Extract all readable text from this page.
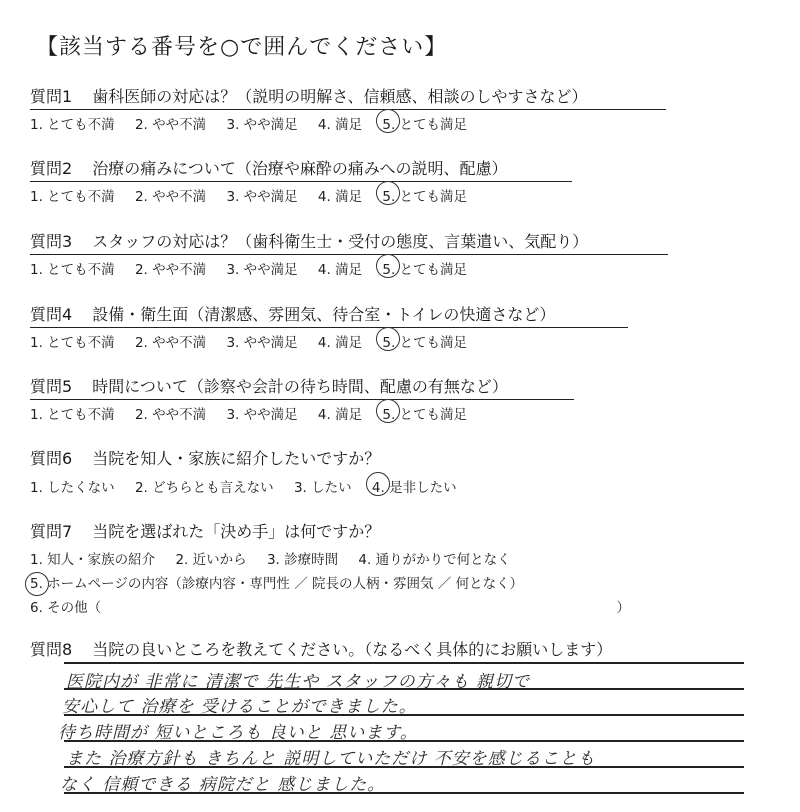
【該当する番号を○で囲んでください】
質問1 歯科医師の対応は？（説明の明解さ、信頼感、相談のしやすさなど）
1. とても不満 2. やや不満 3. やや満足 4. 満足 5. とても満足
質問2 治療の痛みについて（治療や麻酔の痛みへの説明、配慮）
1. とても不満 2. やや不満 3. やや満足 4. 満足 5. とても満足
質問3 スタッフの対応は？（歯科衛生士・受付の態度、言葉遣い、気配り）
1. とても不満 2. やや不満 3. やや満足 4. 満足 5. とても満足
質問4 設備・衛生面（清潔感、雰囲気、待合室・トイレの快適さなど）
1. とても不満 2. やや不満 3. やや満足 4. 満足 5. とても満足
質問5 時間について（診察や会計の待ち時間、配慮の有無など）
1. とても不満 2. やや不満 3. やや満足 4. 満足 5. とても満足
質問6 当院を知人・家族に紹介したいですか？
1. したくない 2. どちらとも言えない 3. したい 4. 是非したい
質問7 当院を選ばれた「決め手」は何ですか？
1. 知人・家族の紹介 2. 近いから 3. 診療時間 4. 通りがかりで何となく
5. ホームページの内容（診療内容・専門性 ／ 院長の人柄・雰囲気 ／ 何となく）
6. その他（	）
質問8 当院の良いところを教えてください。（なるべく具体的にお願いします）
医院内が 非常に 清潔で 先生や スタッフの方々も 親切で
安心して 治療を 受けることができました。
待ち時間が 短いところも 良いと 思います。
また 治療方針も きちんと 説明していただけ 不安を感じることも
なく 信頼できる 病院だと 感じました。
